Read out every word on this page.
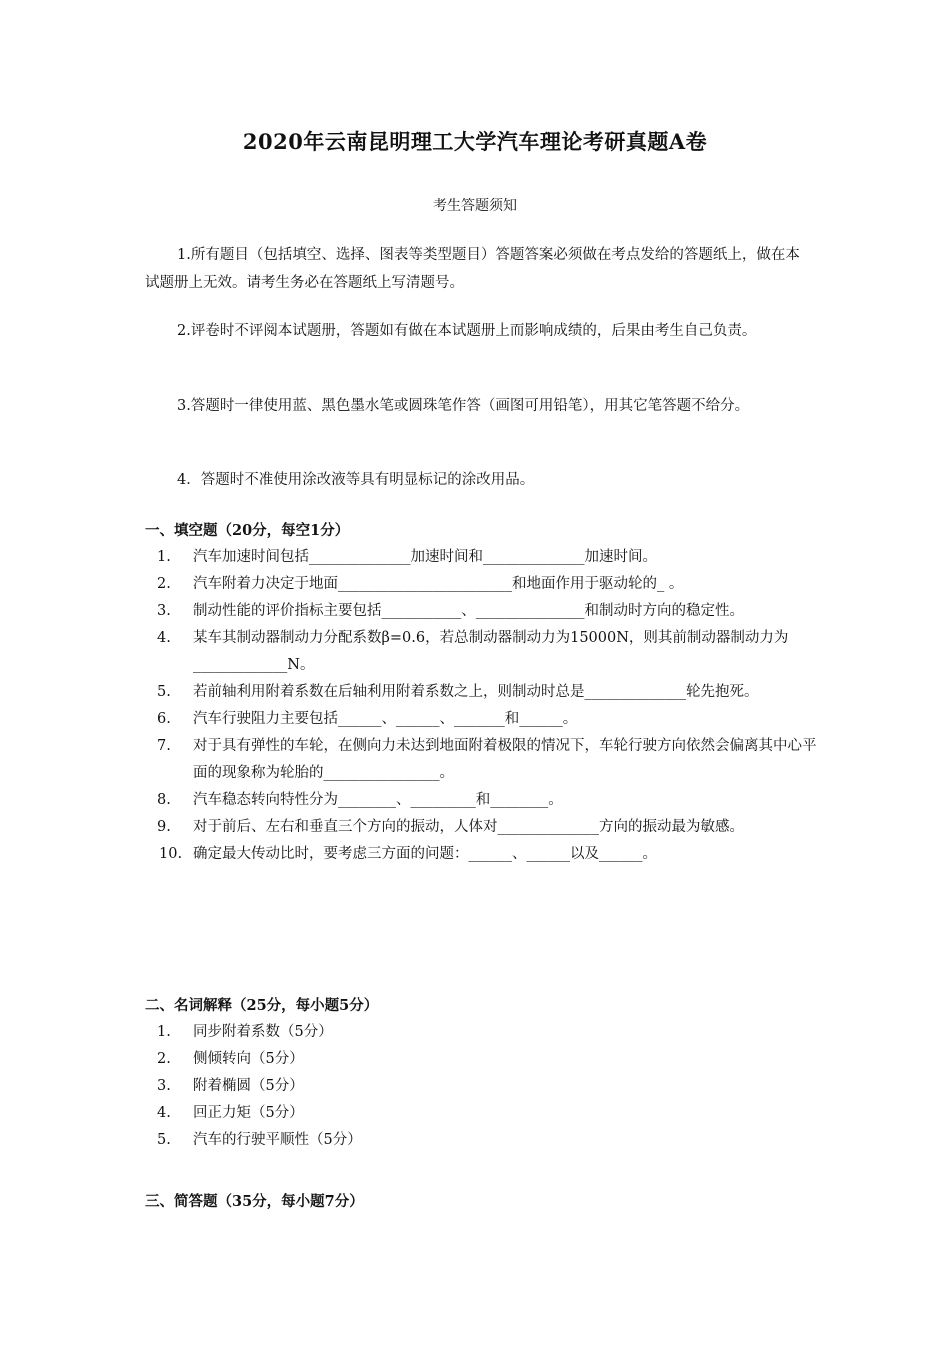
2020年云南昆明理工大学汽车理论考研真题A卷
考生答题须知

1.所有题目（包括填空、选择、图表等类型题目）答题答案必须做在考点发给的答题纸上，做在本试题册上无效。请考生务必在答题纸上写清题号。

2.评卷时不评阅本试题册，答题如有做在本试题册上而影响成绩的，后果由考生自己负责。

3.答题时一律使用蓝、黑色墨水笔或圆珠笔作答（画图可用铅笔），用其它笔答题不给分。

4．答题时不准使用涂改液等具有明显标记的涂改用品。

一、填空题（20分，每空1分）
1. 汽车加速时间包括______________加速时间和______________加速时间。
2. 汽车附着力决定于地面________________________和地面作用于驱动轮的_ 。
3. 制动性能的评价指标主要包括___________、_______________和制动时方向的稳定性。
4. 某车其制动器制动力分配系数β=0.6，若总制动器制动力为15000N，则其前制动器制动力为_____________N。
5. 若前轴利用附着系数在后轴利用附着系数之上，则制动时总是______________轮先抱死。
6. 汽车行驶阻力主要包括______、______、_______和______。
7. 对于具有弹性的车轮，在侧向力未达到地面附着极限的情况下，车轮行驶方向依然会偏离其中心平面的现象称为轮胎的________________。
8. 汽车稳态转向特性分为________、_________和________。
9. 对于前后、左右和垂直三个方向的振动，人体对______________方向的振动最为敏感。
10. 确定最大传动比时，要考虑三方面的问题：______、______以及______。
二、名词解释（25分，每小题5分）
1. 同步附着系数（5分）
2. 侧倾转向（5分）
3. 附着椭圆（5分）
4. 回正力矩（5分）
5. 汽车的行驶平顺性（5分）
三、简答题（35分，每小题7分）
